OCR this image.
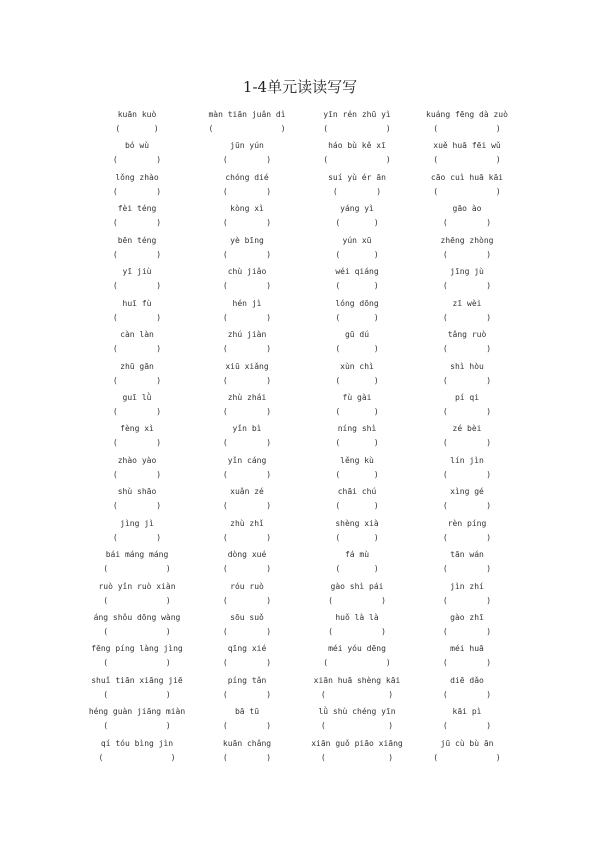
1-4单元读读写写
kuān kuò
(       )
màn tiān juǎn dì
(              )
yīn rén zhū yì
(            )
kuáng fēng dà zuò
(            )
bó wù
(        )
jūn yún
(        )
háo bù kě xī
(            )
xuě huā fēi wǔ
(            )
lǒng zhào
(        )
chóng dié
(        )
suí yù ér ān
(        )
cāo cuì huā kāi
(            )
fèi téng
(        )
kòng xì
(        )
yáng yì
(       )
gāo ào
(        )
bēn téng
(        )
yè bīng
(        )
yún xū
(       )
zhēng zhòng
(        )
yī jiù
(        )
chù jiǎo
(        )
wéi qiáng
(       )
jīng jù
(        )
huī fù
(        )
hén jì
(        )
lóng dōng
(       )
zī wèi
(        )
càn làn
(        )
zhú jiàn
(        )
gū dú
(       )
tǎng ruò
(        )
zhū gān
(        )
xiū xiǎng
(        )
xùn chì
(       )
shì hòu
(        )
guī lǜ
(        )
zhù zhái
(        )
fù gài
(       )
pí qi
(        )
fèng xì
(        )
yǐn bì
(        )
níng shì
(       )
zé bèi
(        )
zhào yào
(        )
yǐn cáng
(        )
lěng kù
(       )
lín jìn
(        )
shù shāo
(        )
xuǎn zé
(        )
chāi chú
(       )
xìng gé
(        )
jìng jì
(        )
zhù zhǐ
(        )
shèng xià
(       )
rèn píng
(        )
bái máng máng
(            )
dòng xué
(        )
fá mù
(       )
tān wán
(        )
ruò yǐn ruò xiàn
(            )
róu ruò
(        )
gào shì pái
(          )
jìn zhí
(        )
áng shǒu dōng wàng
(            )
sōu suǒ
(        )
huǒ là là
(          )
gào zhī
(        )
fēng píng làng jìng
(            )
qīng xié
(        )
méi yóu dēng
(            )
méi huā
(        )
shuǐ tiān xiāng jiē
(            )
píng tǎn
(        )
xiān huā shèng kāi
(             )
diē dǎo
(        )
héng guàn jiāng miàn
(            )
bā tū
(        )
lǜ shù chéng yīn
(             )
kāi pì
(        )
qí tóu bìng jìn
(              )
kuān chǎng
(        )
xiān guǒ piāo xiāng
(             )
jū cù bù ān
(            )
